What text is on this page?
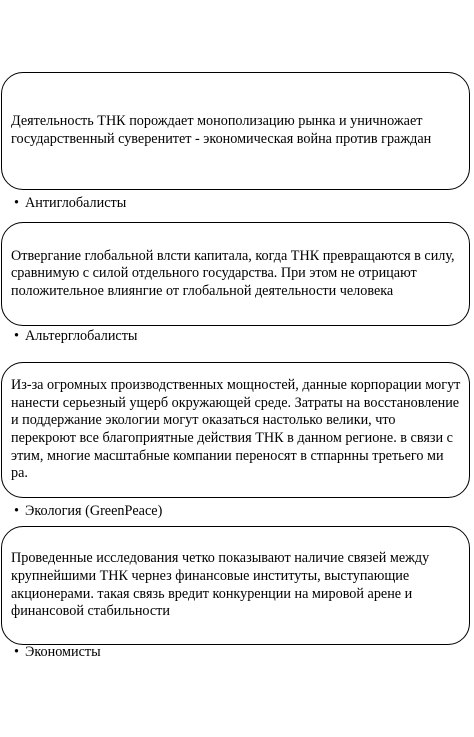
Деятельность ТНК порождает монополизацию рынка и уничножает государственный суверенитет - экономическая война против граждан

• Антиглобалисты

Отвергание глобальной влсти капитала, когда ТНК превращаются в силу, сравнимую с силой отдельного государства. При этом не отрицают положительное влиянгие от глобальной деятельности человека

• Альтерглобалисты

Из-за огромных производственных мощностей, данные корпорации могут нанести серьезный ущерб окружающей среде. Затраты на восстановление и поддержание экологии могут оказаться настолько велики, что перекроют все благоприятные действия ТНК в данном регионе. в связи с этим, многие масштабные компании переносят в стпарнны третьего ми ра.

• Экология (GreenPeace)

Проведенные исследования четко показывают наличие связей между крупнейшими ТНК чернез финансовые институты, выступающие акционерами. такая связь вредит конкуренции на мировой арене и финансовой стабильности

• Экономисты
